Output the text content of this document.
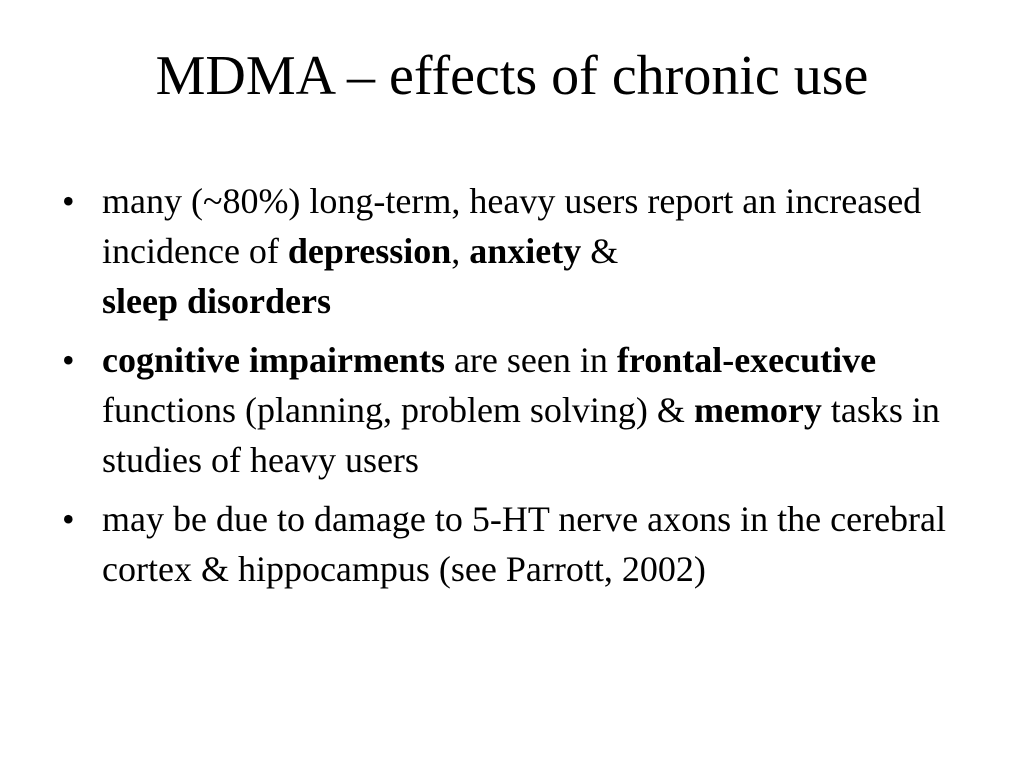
MDMA – effects of chronic use
• many (~80%) long-term, heavy users report an increased incidence of depression, anxiety &
sleep disorders
• cognitive impairments are seen in frontal-executive functions (planning, problem solving) & memory tasks in studies of heavy users
• may be due to damage to 5-HT nerve axons in the cerebral cortex & hippocampus (see Parrott, 2002)
